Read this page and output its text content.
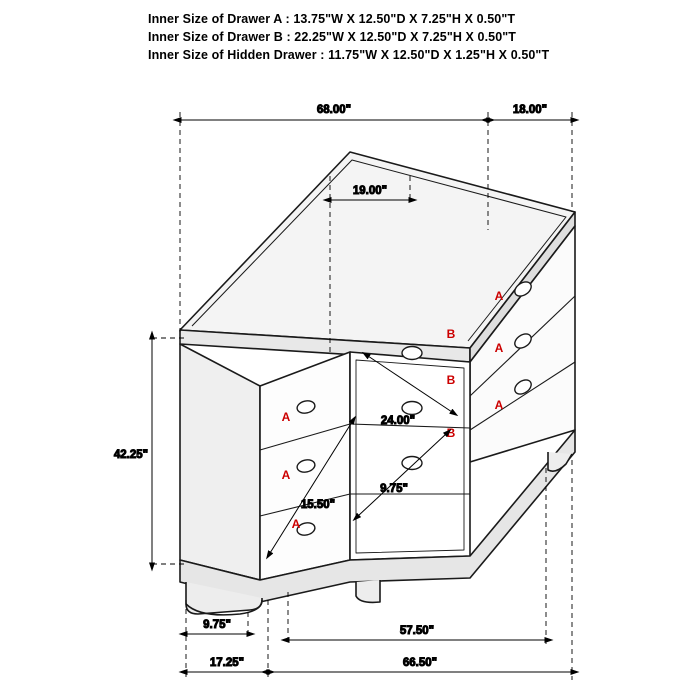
Inner Size of Drawer A : 13.75"W X 12.50"D X 7.25"H X 0.50"T
Inner Size of Drawer B : 22.25"W X 12.50"D X 7.25"H X 0.50"T
Inner Size of Hidden Drawer : 11.75"W X 12.50"D X 1.25"H X 0.50"T
A
A
A
B
B
B
A
A
A
68.00"	18.00"
19.00"
42.25"
24.00"
15.50"
9.75"
9.75"	57.50"
17.25"	66.50"
